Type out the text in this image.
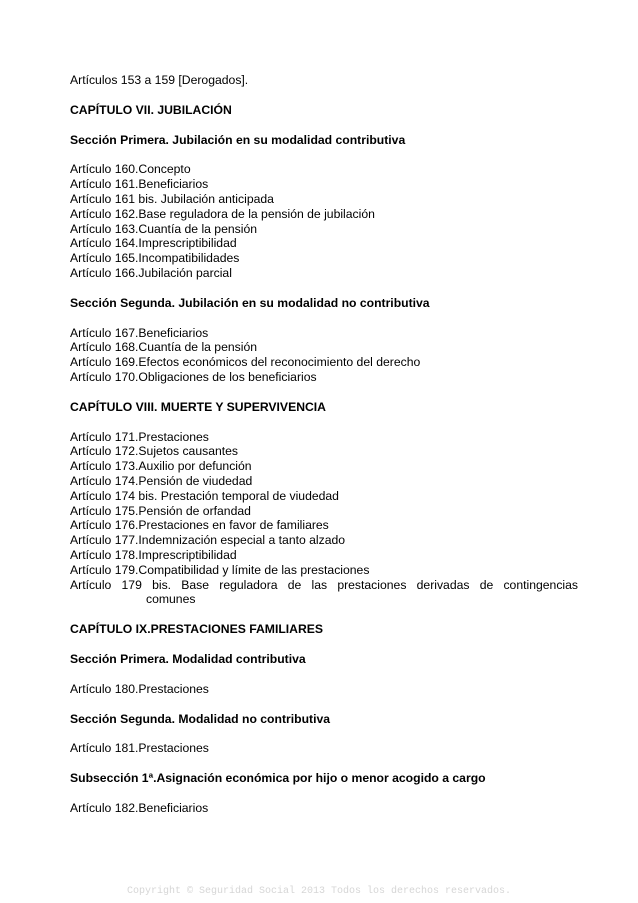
Artículos 153 a 159 [Derogados].
CAPÍTULO VII. JUBILACIÓN
Sección Primera. Jubilación en su modalidad contributiva
Artículo 160.Concepto
Artículo 161.Beneficiarios
Artículo 161 bis. Jubilación anticipada
Artículo 162.Base reguladora de la pensión de jubilación
Artículo 163.Cuantía de la pensión
Artículo 164.Imprescriptibilidad
Artículo 165.Incompatibilidades
Artículo 166.Jubilación parcial
Sección Segunda. Jubilación en su modalidad no contributiva
Artículo 167.Beneficiarios
Artículo 168.Cuantía de la pensión
Artículo 169.Efectos económicos del reconocimiento del derecho
Artículo 170.Obligaciones de los beneficiarios
CAPÍTULO VIII. MUERTE Y SUPERVIVENCIA
Artículo 171.Prestaciones
Artículo 172.Sujetos causantes
Artículo 173.Auxilio por defunción
Artículo 174.Pensión de viudedad
Artículo 174 bis. Prestación temporal de viudedad
Artículo 175.Pensión de orfandad
Artículo 176.Prestaciones en favor de familiares
Artículo 177.Indemnización especial a tanto alzado
Artículo 178.Imprescriptibilidad
Artículo 179.Compatibilidad y límite de las prestaciones
Artículo 179 bis. Base reguladora de las prestaciones derivadas de contingencias
comunes
CAPÍTULO IX.PRESTACIONES FAMILIARES
Sección Primera. Modalidad contributiva
Artículo 180.Prestaciones
Sección Segunda. Modalidad no contributiva
Artículo 181.Prestaciones
Subsección 1ª.Asignación económica por hijo o menor acogido a cargo
Artículo 182.Beneficiarios
Copyright © Seguridad Social 2013 Todos los derechos reservados.
